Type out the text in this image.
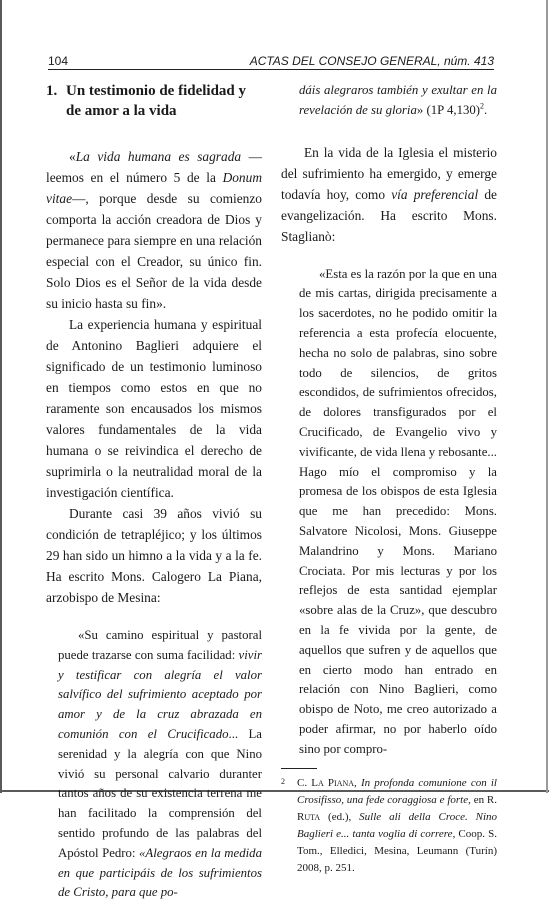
104	ACTAS DEL CONSEJO GENERAL, núm. 413
1. Un testimonio de fidelidad y de amor a la vida

«La vida humana es sagrada —leemos en el número 5 de la Donum vitae—, porque desde su comienzo comporta la acción creadora de Dios y permanece para siempre en una relación especial con el Creador, su único fin. Solo Dios es el Señor de la vida desde su inicio hasta su fin».

La experiencia humana y espiritual de Antonino Baglieri adquiere el significado de un testimonio luminoso en tiempos como estos en que no raramente son encausados los mismos valores fundamentales de la vida humana o se reivindica el derecho de suprimirla o la neutralidad moral de la investigación científica.

Durante casi 39 años vivió su condición de tetrapléjico; y los últimos 29 han sido un himno a la vida y a la fe. Ha escrito Mons. Calogero La Piana, arzobispo de Mesina:

«Su camino espiritual y pastoral puede trazarse con suma facilidad: vivir y testificar con alegría el valor salvífico del sufrimiento aceptado por amor y de la cruz abrazada en comunión con el Crucificado... La serenidad y la alegría con que Nino vivió su personal calvario duranter tantos años de su existencia terrena me han facilitado la comprensión del sentido profundo de las palabras del Apóstol Pedro: «Alegraos en la medida en que participáis de los sufrimientos de Cristo, para que po-

dáis alegraros también y exultar en la revelación de su gloria» (1P 4,130)$^2$.

En la vida de la Iglesia el misterio del sufrimiento ha emergido, y emerge todavía hoy, como vía preferencial de evangelización. Ha escrito Mons. Staglianò:

«Esta es la razón por la que en una de mis cartas, dirigida precisamente a los sacerdotes, no he podido omitir la referencia a esta profecía elocuente, hecha no solo de palabras, sino sobre todo de silencios, de gritos escondidos, de sufrimientos ofrecidos, de dolores transfigurados por el Crucificado, de Evangelio vivo y vivificante, de vida llena y rebosante... Hago mío el compromiso y la promesa de los obispos de esta Iglesia que me han precedido: Mons. Salvatore Nicolosi, Mons. Giuseppe Malandrino y Mons. Mariano Crociata. Por mis lecturas y por los reflejos de esta santidad ejemplar «sobre alas de la Cruz», que descubro en la fe vivida por la gente, de aquellos que sufren y de aquellos que en cierto modo han entrado en relación con Nino Baglieri, como obispo de Noto, me creo autorizado a poder afirmar, no por haberlo oído sino por compro-

2 C. La Piana, In profonda comunione con il Crosifisso, una fede coraggiosa e forte, en R. Ruta (ed.), Sulle ali della Croce. Nino Baglieri e... tanta voglia di correre, Coop. S. Tom., Elledici, Mesina, Leumann (Turín) 2008, p. 251.
